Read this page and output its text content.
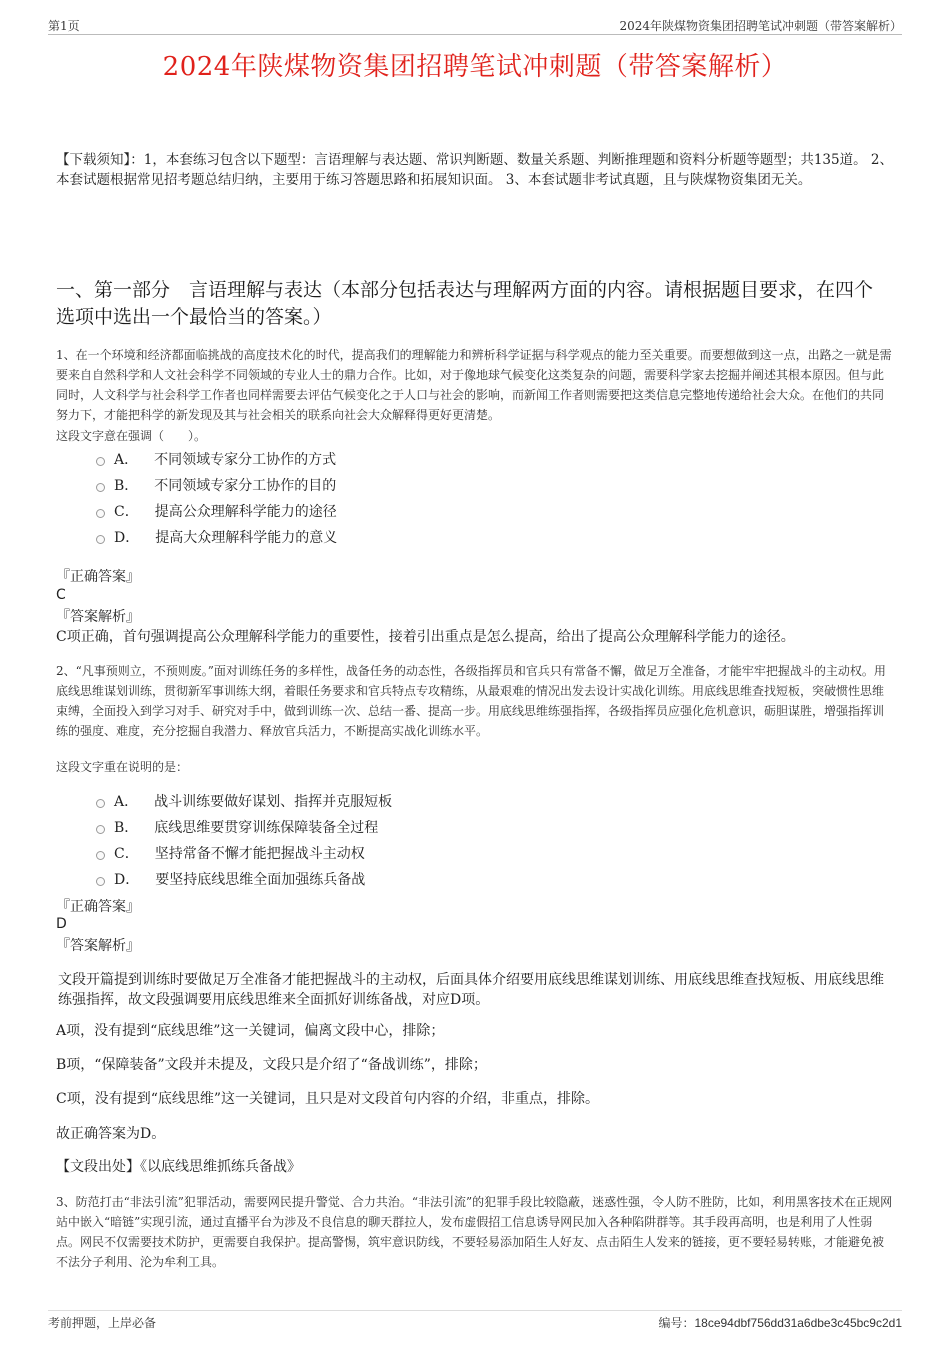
第1页	2024年陕煤物资集团招聘笔试冲刺题（带答案解析）
2024年陕煤物资集团招聘笔试冲刺题（带答案解析）
【下载须知】：1，本套练习包含以下题型：言语理解与表达题、常识判断题、数量关系题、判断推理题和资料分析题等题型；共135道。 2、本套试题根据常见招考题总结归纳，主要用于练习答题思路和拓展知识面。 3、本套试题非考试真题，且与陕煤物资集团无关。
一、第一部分　言语理解与表达（本部分包括表达与理解两方面的内容。请根据题目要求，在四个选项中选出一个最恰当的答案。）
1、在一个环境和经济都面临挑战的高度技术化的时代，提高我们的理解能力和辨析科学证据与科学观点的能力至关重要。而要想做到这一点，出路之一就是需要来自自然科学和人文社会科学不同领域的专业人士的鼎力合作。比如，对于像地球气候变化这类复杂的问题，需要科学家去挖掘并阐述其根本原因。但与此同时，人文科学与社会科学工作者也同样需要去评估气候变化之于人口与社会的影响，而新闻工作者则需要把这类信息完整地传递给社会大众。在他们的共同努力下，才能把科学的新发现及其与社会相关的联系向社会大众解释得更好更清楚。
这段文字意在强调（　　）。
A． 不同领域专家分工协作的方式
B． 不同领域专家分工协作的目的
C． 提高公众理解科学能力的途径
D． 提高大众理解科学能力的意义
『正确答案』
C
『答案解析』
C项正确，首句强调提高公众理解科学能力的重要性，接着引出重点是怎么提高，给出了提高公众理解科学能力的途径。
2、“凡事预则立，不预则废。”面对训练任务的多样性，战备任务的动态性，各级指挥员和官兵只有常备不懈，做足万全准备，才能牢牢把握战斗的主动权。用底线思维谋划训练，贯彻新军事训练大纲，着眼任务要求和官兵特点专攻精练，从最艰难的情况出发去设计实战化训练。用底线思维查找短板，突破惯性思维束缚，全面投入到学习对手、研究对手中，做到训练一次、总结一番、提高一步。用底线思维练强指挥，各级指挥员应强化危机意识，砺胆谋胜，增强指挥训练的强度、难度，充分挖掘自我潜力、释放官兵活力，不断提高实战化训练水平。
这段文字重在说明的是：
A． 战斗训练要做好谋划、指挥并克服短板
B． 底线思维要贯穿训练保障装备全过程
C． 坚持常备不懈才能把握战斗主动权
D． 要坚持底线思维全面加强练兵备战
『正确答案』
D
『答案解析』
文段开篇提到训练时要做足万全准备才能把握战斗的主动权，后面具体介绍要用底线思维谋划训练、用底线思维查找短板、用底线思维练强指挥，故文段强调要用底线思维来全面抓好训练备战，对应D项。
A项，没有提到“底线思维”这一关键词，偏离文段中心，排除；
B项，“保障装备”文段并未提及，文段只是介绍了“备战训练”，排除；
C项，没有提到“底线思维”这一关键词，且只是对文段首句内容的介绍，非重点，排除。
故正确答案为D。
【文段出处】《以底线思维抓练兵备战》
3、防范打击“非法引流”犯罪活动，需要网民提升警觉、合力共治。“非法引流”的犯罪手段比较隐蔽，迷惑性强，令人防不胜防，比如，利用黑客技术在正规网站中嵌入“暗链”实现引流，通过直播平台为涉及不良信息的聊天群拉人，发布虚假招工信息诱导网民加入各种陷阱群等。其手段再高明，也是利用了人性弱点。网民不仅需要技术防护，更需要自我保护。提高警惕，筑牢意识防线，不要轻易添加陌生人好友、点击陌生人发来的链接，更不要轻易转账，才能避免被不法分子利用、沦为牟利工具。
考前押题，上岸必备	编号：18ce94dbf756dd31a6dbe3c45bc9c2d1
